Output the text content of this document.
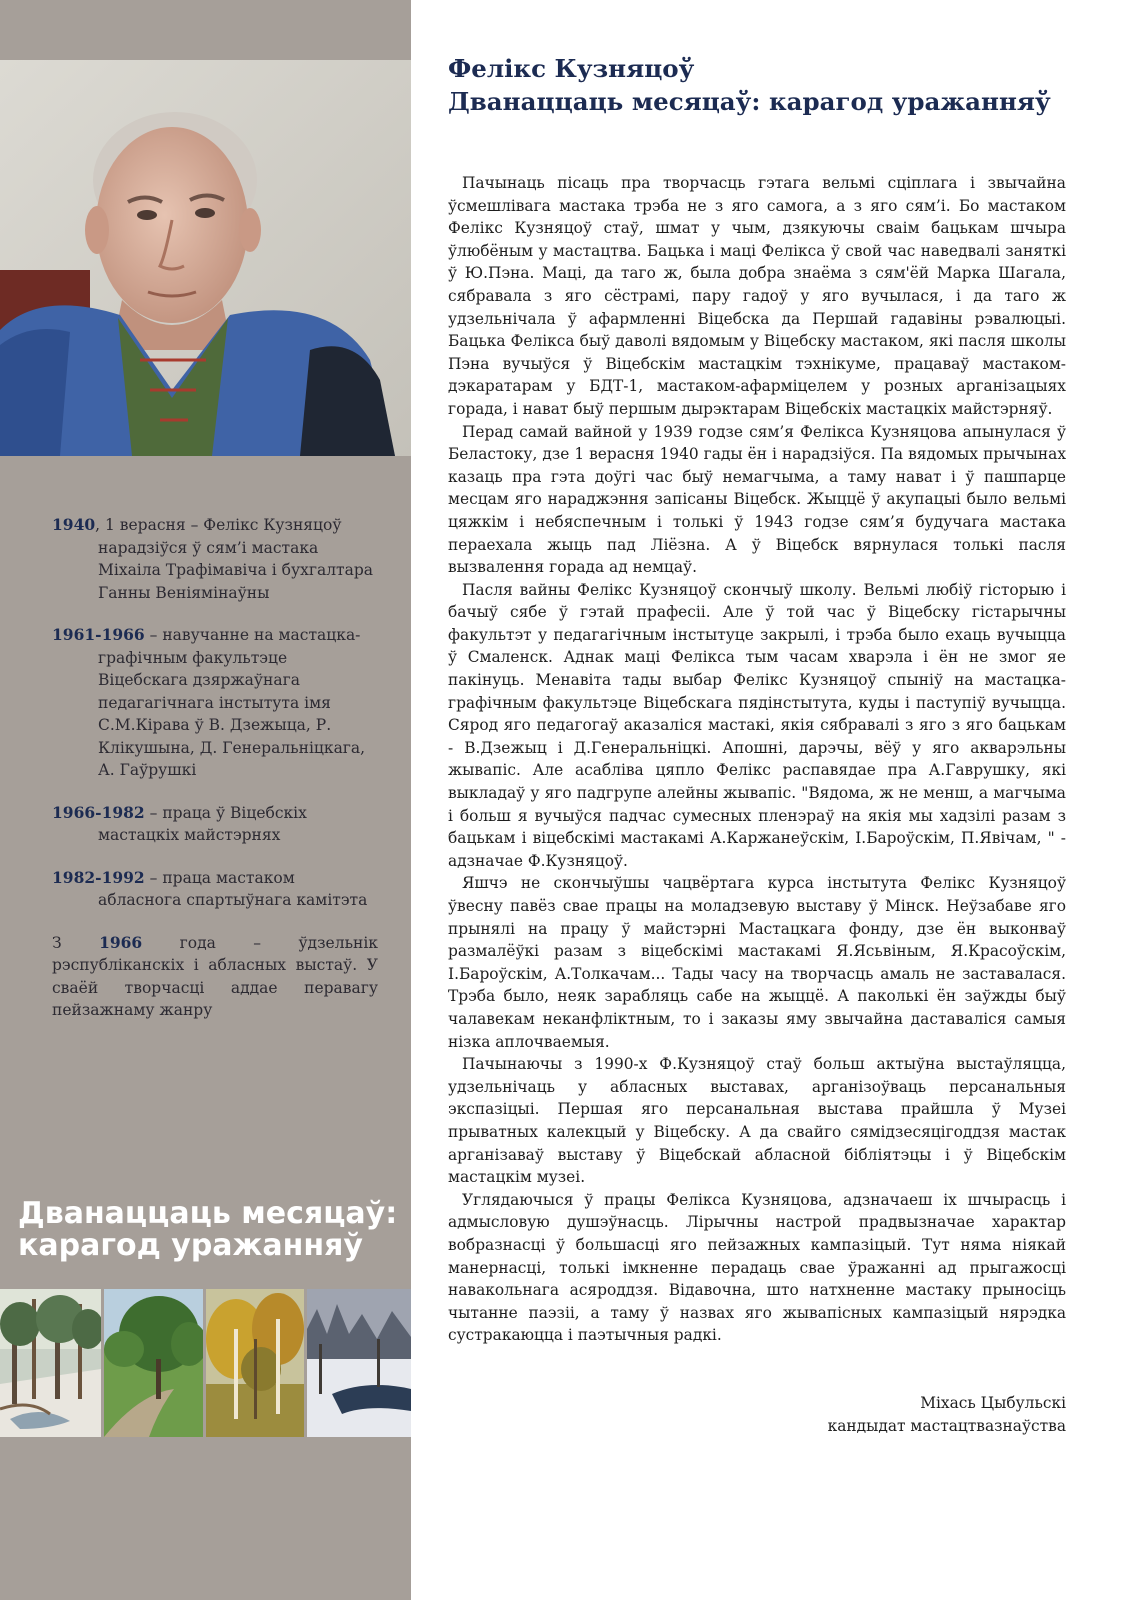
1940, 1 верасня – Фелікс Кузняцоў нарадзіўся ў сям’і мастака Міхаіла Трафімавіча і бухгалтара Ганны Веніямінаўны
1961-1966 – навучанне на мастацка-графічным факультэце Віцебскага дзяржаўнага педагагічнага інстытута імя С.М.Кірава ў В. Дзежыца, Р. Клікушына, Д. Генеральніцкага, А. Гаўрушкі
1966-1982 – праца ў Віцебскіх мастацкіх майстэрнях
1982-1992 – праца мастаком абласнога спартыўнага камітэта
З 1966 года – ўдзельнік рэспубліканскіх і абласных выстаў. У сваёй творчасці аддае перавагу пейзажнаму жанру
Дванаццаць месяцаў:
карагод уражанняў
Фелікс Кузняцоў
Дванаццаць месяцаў: карагод уражанняў

Пачынаць пісаць пра творчасць гэтага вельмі сціплага і звычайна ўсмешлівага мастака трэба не з яго самога, а з яго сям’і. Бо мастаком Фелікс Кузняцоў стаў, шмат у чым, дзякуючы сваім бацькам шчыра ўлюбёным у мастацтва. Бацька і маці Фелікса ў свой час наведвалі заняткі ў Ю.Пэна. Маці, да таго ж, была добра знаёма з сям'ёй Марка Шагала, сябравала з яго сёстрамі, пару гадоў у яго вучылася, і да таго ж удзельнічала ў афармленні Віцебска да Першай гадавіны рэвалюцыі. Бацька Фелікса быў даволі вядомым у Віцебску мастаком, які пасля школы Пэна вучыўся ў Віцебскім мастацкім тэхнікуме, працаваў мастаком-дэкаратарам у БДТ-1, мастаком-афарміцелем у розных арганізацыях горада, і нават быў першым дырэктарам Віцебскіх мастацкіх майстэрняў.

Перад самай вайной у 1939 годзе сям’я Фелікса Кузняцова апынулася ў Беластоку, дзе 1 верасня 1940 гады ён і нарадзіўся. Па вядомых прычынах казаць пра гэта доўгі час быў немагчыма, а таму нават і ў пашпарце месцам яго нараджэння запісаны Віцебск. Жыццё ў акупацыі было вельмі цяжкім і небяспечным і толькі ў 1943 годзе сям’я будучага мастака пераехала жыць пад Ліёзна. А ў Віцебск вярнулася толькі пасля вызвалення горада ад немцаў.

Пасля вайны Фелікс Кузняцоў скончыў школу. Вельмі любіў гісторыю і бачыў сябе ў гэтай прафесіі. Але ў той час ў Віцебску гістарычны факультэт у педагагічным інстытуце закрылі, і трэба было ехаць вучыцца ў Смаленск. Аднак маці Фелікса тым часам хварэла і ён не змог яе пакінуць. Менавіта тады выбар Фелікс Кузняцоў спыніў на мастацка-графічным факультэце Віцебскага пядінстытута, куды і паступіў вучыцца. Сярод яго педагогаў аказаліся мастакі, якія сябравалі з яго з яго бацькам - В.Дзежыц і Д.Генеральніцкі. Апошні, дарэчы, вёў у яго акварэльны жывапіс. Але асабліва цяпло Фелікс распавядае пра А.Гаврушку, які выкладаў у яго падгрупе алейны жывапіс. "Вядома, ж не менш, а магчыма і больш я вучыўся падчас сумесных пленэраў на якія мы хадзілі разам з бацькам і віцебскімі мастакамі А.Каржанеўскім, І.Бароўскім, П.Явічам, " - адзначае Ф.Кузняцоў.

Яшчэ не скончыўшы чацвёртага курса інстытута Фелікс Кузняцоў ўвесну павёз свае працы на моладзевую выставу ў Мінск. Неўзабаве яго прынялі на працу ў майстэрні Мастацкага фонду, дзе ён выконваў размалёўкі разам з віцебскімі мастакамі Я.Ясьвіным, Я.Красоўскім, І.Бароўскім, А.Толкачам... Тады часу на творчасць амаль не заставалася. Трэба было, неяк зарабляць сабе на жыццё. А паколькі ён заўжды быў чалавекам неканфліктным, то і заказы яму звычайна даставаліся самыя нізка аплочваемыя.

Пачынаючы з 1990-х Ф.Кузняцоў стаў больш актыўна выстаўляцца, удзельнічаць у абласных выставах, арганізоўваць персанальныя экспазіцыі. Першая яго персанальная выстава прайшла ў Музеі прыватных калекцый у Віцебску. А да свайго сямідзесяцігоддзя мастак арганізаваў выставу ў Віцебскай абласной бібліятэцы і ў Віцебскім мастацкім музеі.

Углядаючыся ў працы Фелікса Кузняцова, адзначаеш іх шчырасць і адмысловую душэўнасць. Лірычны настрой прадвызначае характар вобразнасці ў большасці яго пейзажных кампазіцый. Тут няма ніякай манернасці, толькі імкненне перадаць свае ўражанні ад прыгажосці навакольнага асяроддзя. Відавочна, што натхненне мастаку прыносіць чытанне паэзіі, а таму ў назвах яго жывапісных кампазіцый нярэдка сустракаюцца і паэтычныя радкі.

Міхась Цыбульскі
кандыдат мастацтвазнаўства
